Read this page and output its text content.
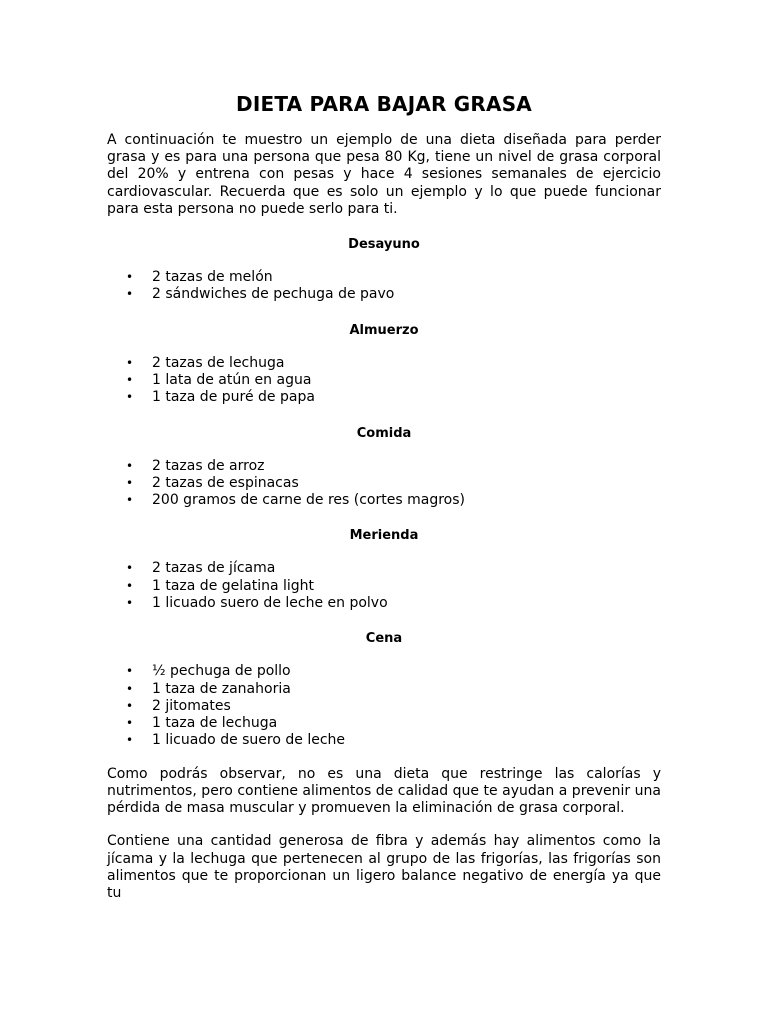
DIETA PARA BAJAR GRASA

A continuación te muestro un ejemplo de una dieta diseñada para perder grasa y es para una persona que pesa 80 Kg, tiene un nivel de grasa corporal del 20% y entrena con pesas y hace 4 sesiones semanales de ejercicio cardiovascular. Recuerda que es solo un ejemplo y lo que puede funcionar para esta persona no puede serlo para ti.

Desayuno
• 2 tazas de melón
• 2 sándwiches de pechuga de pavo
Almuerzo
• 2 tazas de lechuga
• 1 lata de atún en agua
• 1 taza de puré de papa
Comida
• 2 tazas de arroz
• 2 tazas de espinacas
• 200 gramos de carne de res (cortes magros)
Merienda
• 2 tazas de jícama
• 1 taza de gelatina light
• 1 licuado suero de leche en polvo
Cena
• ½ pechuga de pollo
• 1 taza de zanahoria
• 2 jitomates
• 1 taza de lechuga
• 1 licuado de suero de leche

Como podrás observar, no es una dieta que restringe las calorías y nutrimentos, pero contiene alimentos de calidad que te ayudan a prevenir una pérdida de masa muscular y promueven la eliminación de grasa corporal.

Contiene una cantidad generosa de fibra y además hay alimentos como la jícama y la lechuga que pertenecen al grupo de las frigorías, las frigorías son alimentos que te proporcionan un ligero balance negativo de energía ya que tu
